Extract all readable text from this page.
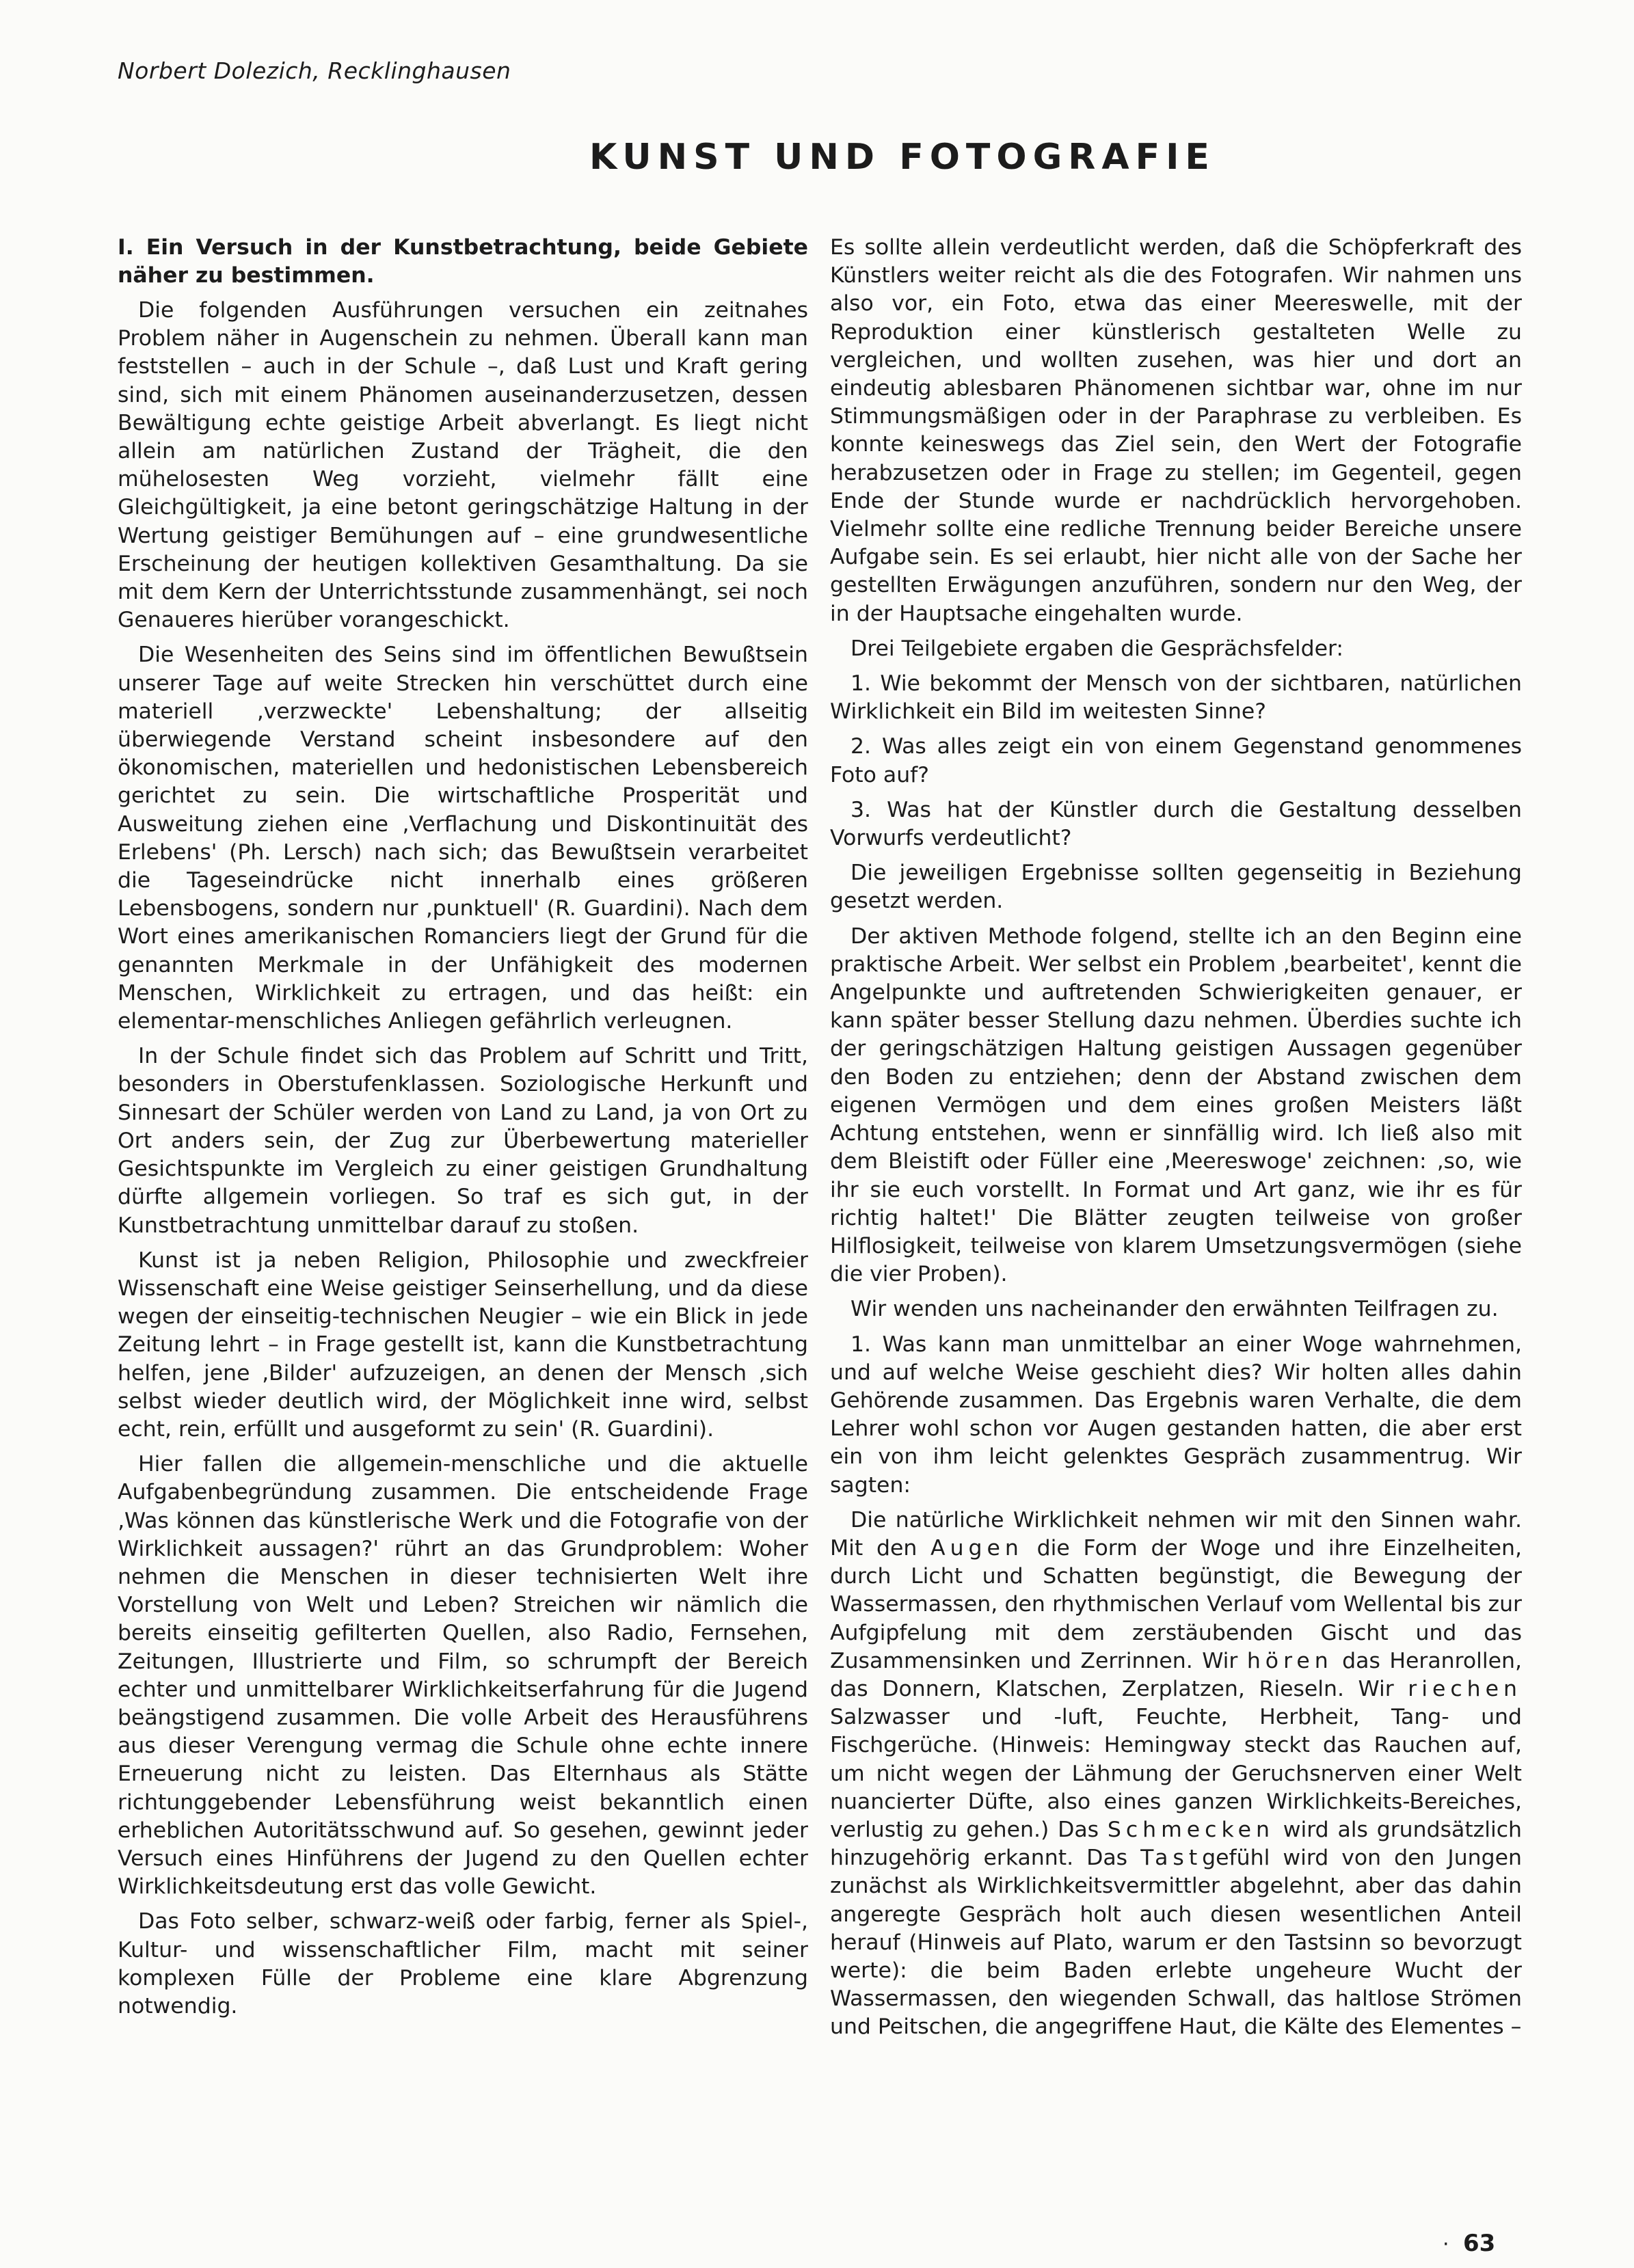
Norbert Dolezich, Recklinghausen
KUNST UND FOTOGRAFIE

I. Ein Versuch in der Kunstbetrachtung, beide Gebiete näher zu bestimmen.

Die folgenden Ausführungen versuchen ein zeitnahes Problem näher in Augenschein zu nehmen. Überall kann man feststellen – auch in der Schule –, daß Lust und Kraft gering sind, sich mit einem Phänomen auseinanderzusetzen, dessen Bewältigung echte geistige Arbeit abverlangt. Es liegt nicht allein am natürlichen Zustand der Trägheit, die den mühelosesten Weg vorzieht, vielmehr fällt eine Gleichgültigkeit, ja eine betont geringschätzige Haltung in der Wertung geistiger Bemühungen auf – eine grundwesentliche Erscheinung der heutigen kollektiven Gesamthaltung. Da sie mit dem Kern der Unterrichtsstunde zusammenhängt, sei noch Genaueres hierüber vorangeschickt.

Die Wesenheiten des Seins sind im öffentlichen Bewußtsein unserer Tage auf weite Strecken hin verschüttet durch eine materiell ‚verzweckte' Lebenshaltung; der allseitig überwiegende Verstand scheint insbesondere auf den ökonomischen, materiellen und hedonistischen Lebensbereich gerichtet zu sein. Die wirtschaftliche Prosperität und Ausweitung ziehen eine ‚Verflachung und Diskontinuität des Erlebens' (Ph. Lersch) nach sich; das Bewußtsein verarbeitet die Tageseindrücke nicht innerhalb eines größeren Lebensbogens, sondern nur ‚punktuell' (R. Guardini). Nach dem Wort eines amerikanischen Romanciers liegt der Grund für die genannten Merkmale in der Unfähigkeit des modernen Menschen, Wirklichkeit zu ertragen, und das heißt: ein elementar-menschliches Anliegen gefährlich verleugnen.

In der Schule findet sich das Problem auf Schritt und Tritt, besonders in Oberstufenklassen. Soziologische Herkunft und Sinnesart der Schüler werden von Land zu Land, ja von Ort zu Ort anders sein, der Zug zur Überbewertung materieller Gesichtspunkte im Vergleich zu einer geistigen Grundhaltung dürfte allgemein vorliegen. So traf es sich gut, in der Kunstbetrachtung unmittelbar darauf zu stoßen.

Kunst ist ja neben Religion, Philosophie und zweckfreier Wissenschaft eine Weise geistiger Seinserhellung, und da diese wegen der einseitig-technischen Neugier – wie ein Blick in jede Zeitung lehrt – in Frage gestellt ist, kann die Kunstbetrachtung helfen, jene ‚Bilder' aufzuzeigen, an denen der Mensch ‚sich selbst wieder deutlich wird, der Möglichkeit inne wird, selbst echt, rein, erfüllt und ausgeformt zu sein' (R. Guardini).

Hier fallen die allgemein-menschliche und die aktuelle Aufgabenbegründung zusammen. Die entscheidende Frage ‚Was können das künstlerische Werk und die Fotografie von der Wirklichkeit aussagen?' rührt an das Grundproblem: Woher nehmen die Menschen in dieser technisierten Welt ihre Vorstellung von Welt und Leben? Streichen wir nämlich die bereits einseitig gefilterten Quellen, also Radio, Fernsehen, Zeitungen, Illustrierte und Film, so schrumpft der Bereich echter und unmittelbarer Wirklichkeitserfahrung für die Jugend beängstigend zusammen. Die volle Arbeit des Herausführens aus dieser Verengung vermag die Schule ohne echte innere Erneuerung nicht zu leisten. Das Elternhaus als Stätte richtunggebender Lebensführung weist bekanntlich einen erheblichen Autoritätsschwund auf. So gesehen, gewinnt jeder Versuch eines Hinführens der Jugend zu den Quellen echter Wirklichkeitsdeutung erst das volle Gewicht.

Das Foto selber, schwarz-weiß oder farbig, ferner als Spiel-, Kultur- und wissenschaftlicher Film, macht mit seiner komplexen Fülle der Probleme eine klare Abgrenzung notwendig.

Es sollte allein verdeutlicht werden, daß die Schöpferkraft des Künstlers weiter reicht als die des Fotografen. Wir nahmen uns also vor, ein Foto, etwa das einer Meereswelle, mit der Reproduktion einer künstlerisch gestalteten Welle zu vergleichen, und wollten zusehen, was hier und dort an eindeutig ablesbaren Phänomenen sichtbar war, ohne im nur Stimmungsmäßigen oder in der Paraphrase zu verbleiben. Es konnte keineswegs das Ziel sein, den Wert der Fotografie herabzusetzen oder in Frage zu stellen; im Gegenteil, gegen Ende der Stunde wurde er nachdrücklich hervorgehoben. Vielmehr sollte eine redliche Trennung beider Bereiche unsere Aufgabe sein. Es sei erlaubt, hier nicht alle von der Sache her gestellten Erwägungen anzuführen, sondern nur den Weg, der in der Hauptsache eingehalten wurde.

Drei Teilgebiete ergaben die Gesprächsfelder:

1. Wie bekommt der Mensch von der sichtbaren, natürlichen Wirklichkeit ein Bild im weitesten Sinne?

2. Was alles zeigt ein von einem Gegenstand genommenes Foto auf?

3. Was hat der Künstler durch die Gestaltung desselben Vorwurfs verdeutlicht?

Die jeweiligen Ergebnisse sollten gegenseitig in Beziehung gesetzt werden.

Der aktiven Methode folgend, stellte ich an den Beginn eine praktische Arbeit. Wer selbst ein Problem ‚bearbeitet', kennt die Angelpunkte und auftretenden Schwierigkeiten genauer, er kann später besser Stellung dazu nehmen. Überdies suchte ich der geringschätzigen Haltung geistigen Aussagen gegenüber den Boden zu entziehen; denn der Abstand zwischen dem eigenen Vermögen und dem eines großen Meisters läßt Achtung entstehen, wenn er sinnfällig wird. Ich ließ also mit dem Bleistift oder Füller eine ‚Meereswoge' zeichnen: ‚so, wie ihr sie euch vorstellt. In Format und Art ganz, wie ihr es für richtig haltet!' Die Blätter zeugten teilweise von großer Hilflosigkeit, teilweise von klarem Umsetzungsvermögen (siehe die vier Proben).

Wir wenden uns nacheinander den erwähnten Teilfragen zu.

1. Was kann man unmittelbar an einer Woge wahrnehmen, und auf welche Weise geschieht dies? Wir holten alles dahin Gehörende zusammen. Das Ergebnis waren Verhalte, die dem Lehrer wohl schon vor Augen gestanden hatten, die aber erst ein von ihm leicht gelenktes Gespräch zusammentrug. Wir sagten:

Die natürliche Wirklichkeit nehmen wir mit den Sinnen wahr. Mit den Augen die Form der Woge und ihre Einzelheiten, durch Licht und Schatten begünstigt, die Bewegung der Wassermassen, den rhythmischen Verlauf vom Wellental bis zur Aufgipfelung mit dem zerstäubenden Gischt und das Zusammensinken und Zerrinnen. Wir hören das Heranrollen, das Donnern, Klatschen, Zerplatzen, Rieseln. Wir riechen Salzwasser und -luft, Feuchte, Herbheit, Tang- und Fischgerüche. (Hinweis: Hemingway steckt das Rauchen auf, um nicht wegen der Lähmung der Geruchsnerven einer Welt nuancierter Düfte, also eines ganzen Wirklichkeits-Bereiches, verlustig zu gehen.) Das Schmecken wird als grundsätzlich hinzugehörig erkannt. Das Tastgefühl wird von den Jungen zunächst als Wirklichkeitsvermittler abgelehnt, aber das dahin angeregte Gespräch holt auch diesen wesentlichen Anteil herauf (Hinweis auf Plato, warum er den Tastsinn so bevorzugt werte): die beim Baden erlebte ungeheure Wucht der Wassermassen, den wiegenden Schwall, das haltlose Strömen und Peitschen, die angegriffene Haut, die Kälte des Elementes –

· 63
